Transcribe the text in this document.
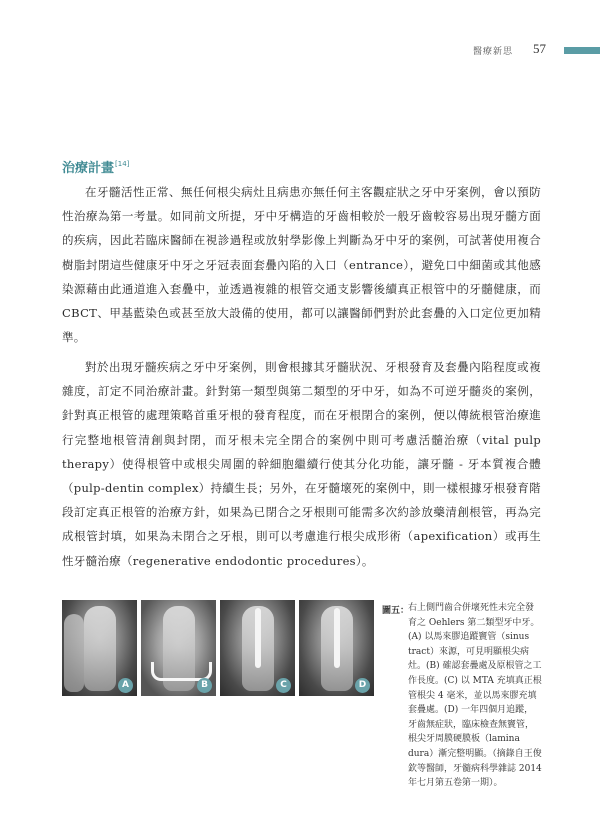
醫療新思 57
治療計畫[14]

在牙髓活性正常、無任何根尖病灶且病患亦無任何主客觀症狀之牙中牙案例，會以預防性治療為第一考量。如同前文所提，牙中牙構造的牙齒相較於一般牙齒較容易出現牙髓方面的疾病，因此若臨床醫師在視診過程或放射學影像上判斷為牙中牙的案例，可試著使用複合樹脂封閉這些健康牙中牙之牙冠表面套疊內陷的入口（entrance），避免口中細菌或其他感染源藉由此通道進入套疊中，並透過複雜的根管交通支影響後續真正根管中的牙髓健康，而CBCT、甲基藍染色或甚至放大設備的使用，都可以讓醫師們對於此套疊的入口定位更加精準。

對於出現牙髓疾病之牙中牙案例，則會根據其牙髓狀況、牙根發育及套疊內陷程度或複雜度，訂定不同治療計畫。針對第一類型與第二類型的牙中牙，如為不可逆牙髓炎的案例，針對真正根管的處理策略首重牙根的發育程度，而在牙根閉合的案例，便以傳統根管治療進行完整地根管清創與封閉，而牙根未完全閉合的案例中則可考慮活髓治療（vital pulp therapy）使得根管中或根尖周圍的幹細胞繼續行使其分化功能，讓牙髓 - 牙本質複合體（pulp-dentin complex）持續生長；另外，在牙髓壞死的案例中，則一樣根據牙根發育階段訂定真正根管的治療方針，如果為已閉合之牙根則可能需多次約診放藥清創根管，再為完成根管封填，如果為未閉合之牙根，則可以考慮進行根尖成形術（apexification）或再生性牙髓治療（regenerative endodontic procedures）。

A	B	C	D
圖五：

右上側門齒合併壞死性未完全發育之 Oehlers 第二類型牙中牙。(A) 以馬來膠追蹤竇管（sinus tract）來源，可見明顯根尖病灶。(B) 確認套疊處及原根管之工作長度。(C) 以 MTA 充填真正根管根尖 4 毫米，並以馬來膠充填套疊處。(D) 一年四個月追蹤，牙齒無症狀，臨床檢查無竇管，根尖牙周膜硬膜板（lamina dura）漸完整明顯。（摘錄自王俊欽等醫師，牙髓病科學雜誌 2014 年七月第五卷第一期）。
